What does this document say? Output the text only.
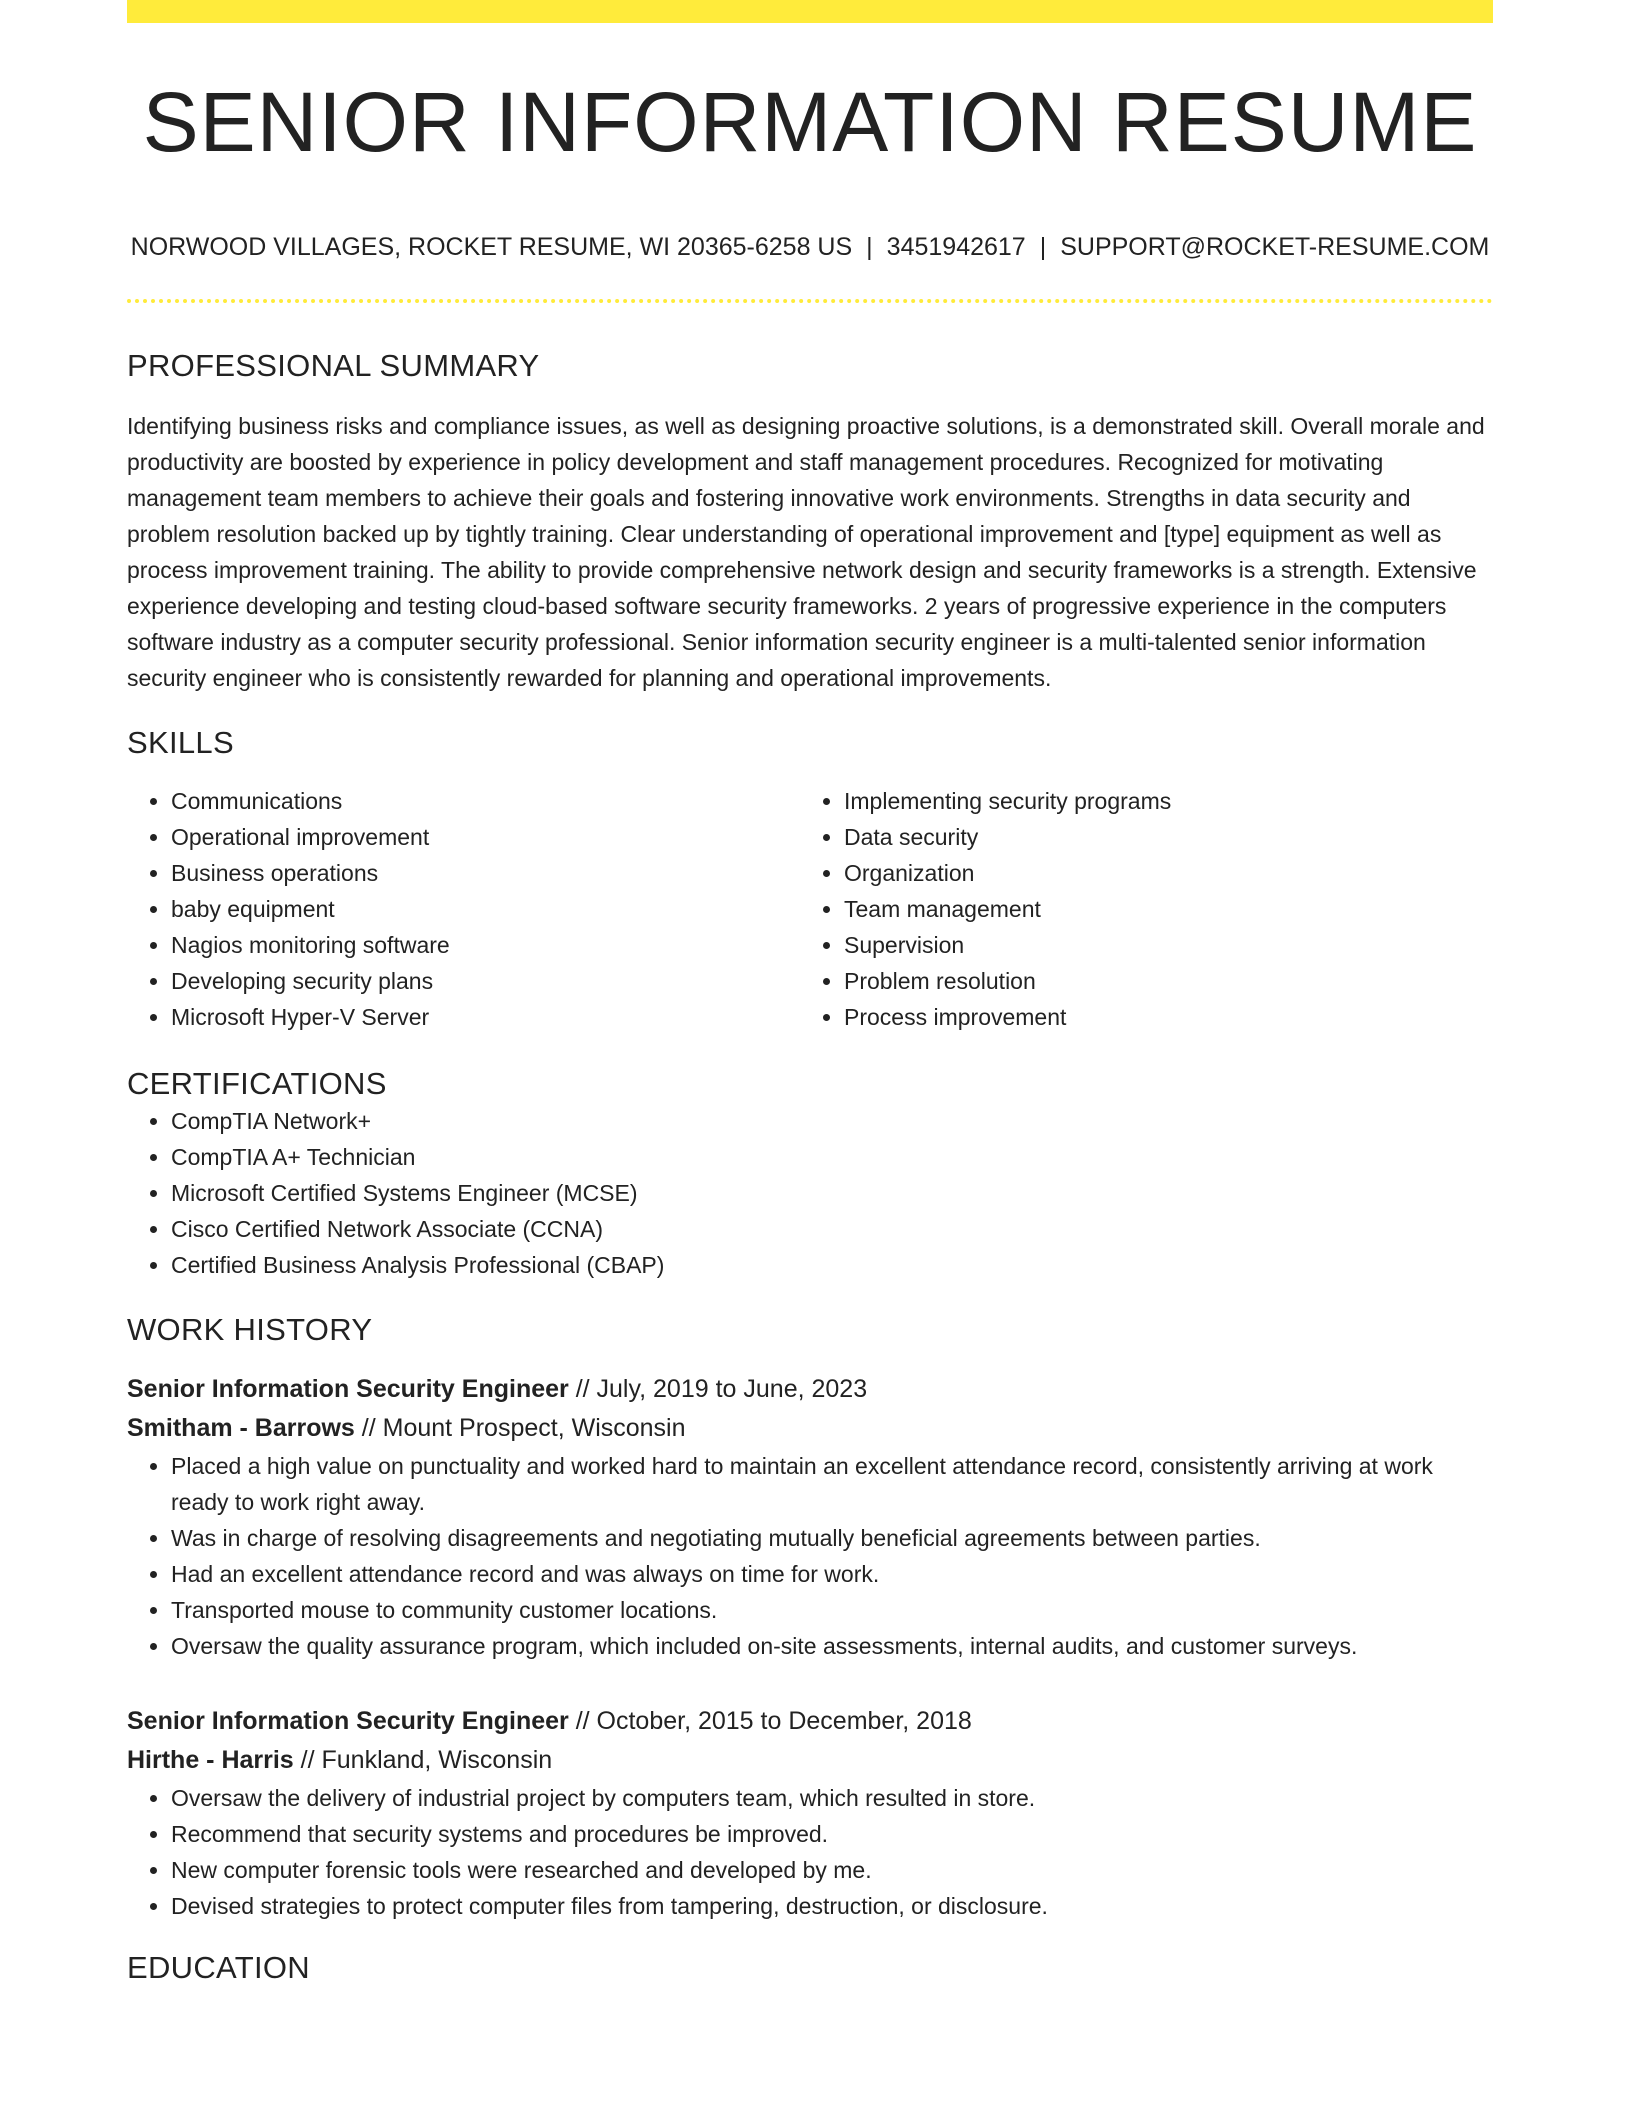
SENIOR INFORMATION RESUME
NORWOOD VILLAGES, ROCKET RESUME, WI 20365-6258 US | 3451942617 | SUPPORT@ROCKET-RESUME.COM
PROFESSIONAL SUMMARY

Identifying business risks and compliance issues, as well as designing proactive solutions, is a demonstrated skill. Overall morale and productivity are boosted by experience in policy development and staff management procedures. Recognized for motivating management team members to achieve their goals and fostering innovative work environments. Strengths in data security and problem resolution backed up by tightly training. Clear understanding of operational improvement and [type] equipment as well as process improvement training. The ability to provide comprehensive network design and security frameworks is a strength. Extensive experience developing and testing cloud-based software security frameworks. 2 years of progressive experience in the computers software industry as a computer security professional. Senior information security engineer is a multi-talented senior information security engineer who is consistently rewarded for planning and operational improvements.

SKILLS
• Communications
• Operational improvement
• Business operations
• baby equipment
• Nagios monitoring software
• Developing security plans
• Microsoft Hyper-V Server
• Implementing security programs
• Data security
• Organization
• Team management
• Supervision
• Problem resolution
• Process improvement
CERTIFICATIONS
• CompTIA Network+
• CompTIA A+ Technician
• Microsoft Certified Systems Engineer (MCSE)
• Cisco Certified Network Associate (CCNA)
• Certified Business Analysis Professional (CBAP)
WORK HISTORY
Senior Information Security Engineer // July, 2019 to June, 2023
Smitham - Barrows // Mount Prospect, Wisconsin
• Placed a high value on punctuality and worked hard to maintain an excellent attendance record, consistently arriving at work ready to work right away.
• Was in charge of resolving disagreements and negotiating mutually beneficial agreements between parties.
• Had an excellent attendance record and was always on time for work.
• Transported mouse to community customer locations.
• Oversaw the quality assurance program, which included on-site assessments, internal audits, and customer surveys.
Senior Information Security Engineer // October, 2015 to December, 2018
Hirthe - Harris // Funkland, Wisconsin
• Oversaw the delivery of industrial project by computers team, which resulted in store.
• Recommend that security systems and procedures be improved.
• New computer forensic tools were researched and developed by me.
• Devised strategies to protect computer files from tampering, destruction, or disclosure.
EDUCATION
